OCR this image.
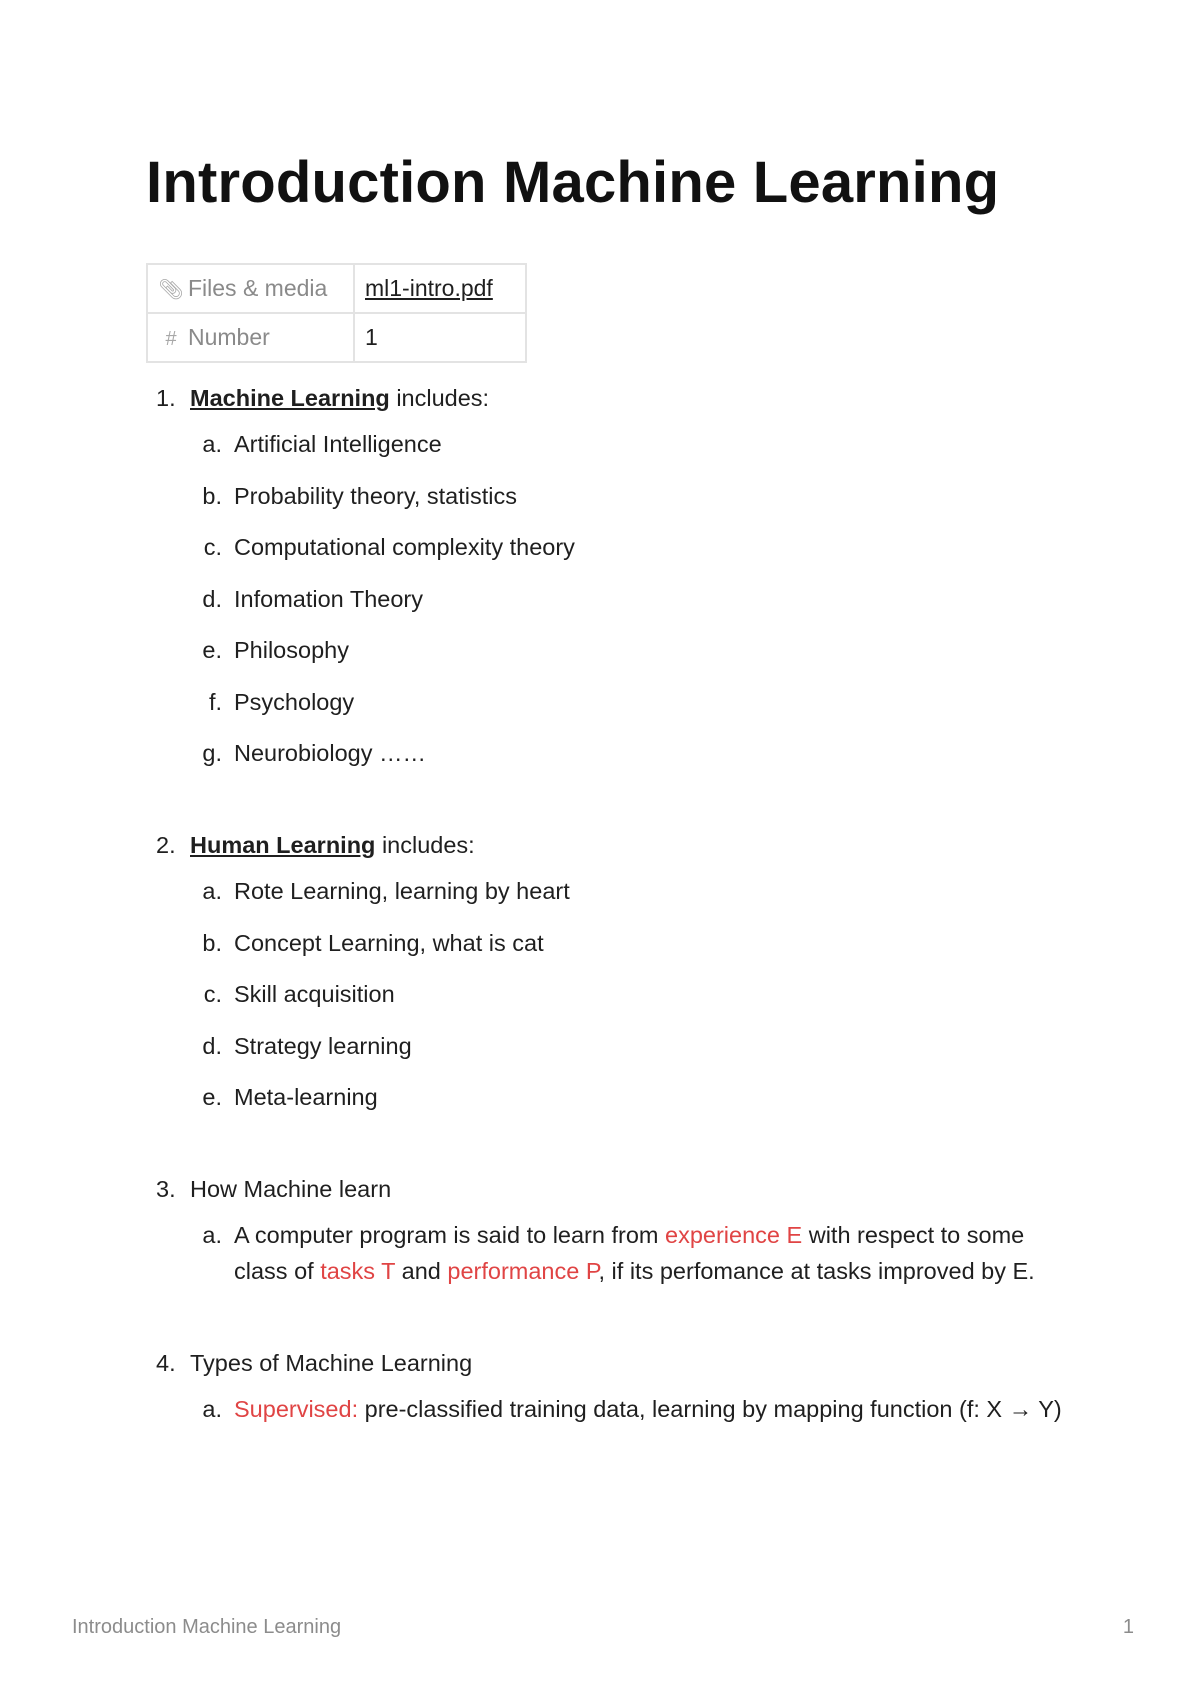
Introduction Machine Learning
📎︎ Files & media	ml1-intro.pdf
# Number	1
1. Machine Learning includes:
a. Artificial Intelligence
b. Probability theory, statistics
c. Computational complexity theory
d. Infomation Theory
e. Philosophy
f. Psychology
g. Neurobiology ……
2. Human Learning includes:
a. Rote Learning, learning by heart
b. Concept Learning, what is cat
c. Skill acquisition
d. Strategy learning
e. Meta-learning
3. How Machine learn
a. A computer program is said to learn from experience E with respect to some class of tasks T and performance P, if its perfomance at tasks improved by E.
4. Types of Machine Learning
a. Supervised: pre-classified training data, learning by mapping function (f: X → Y)
Introduction Machine Learning	1
